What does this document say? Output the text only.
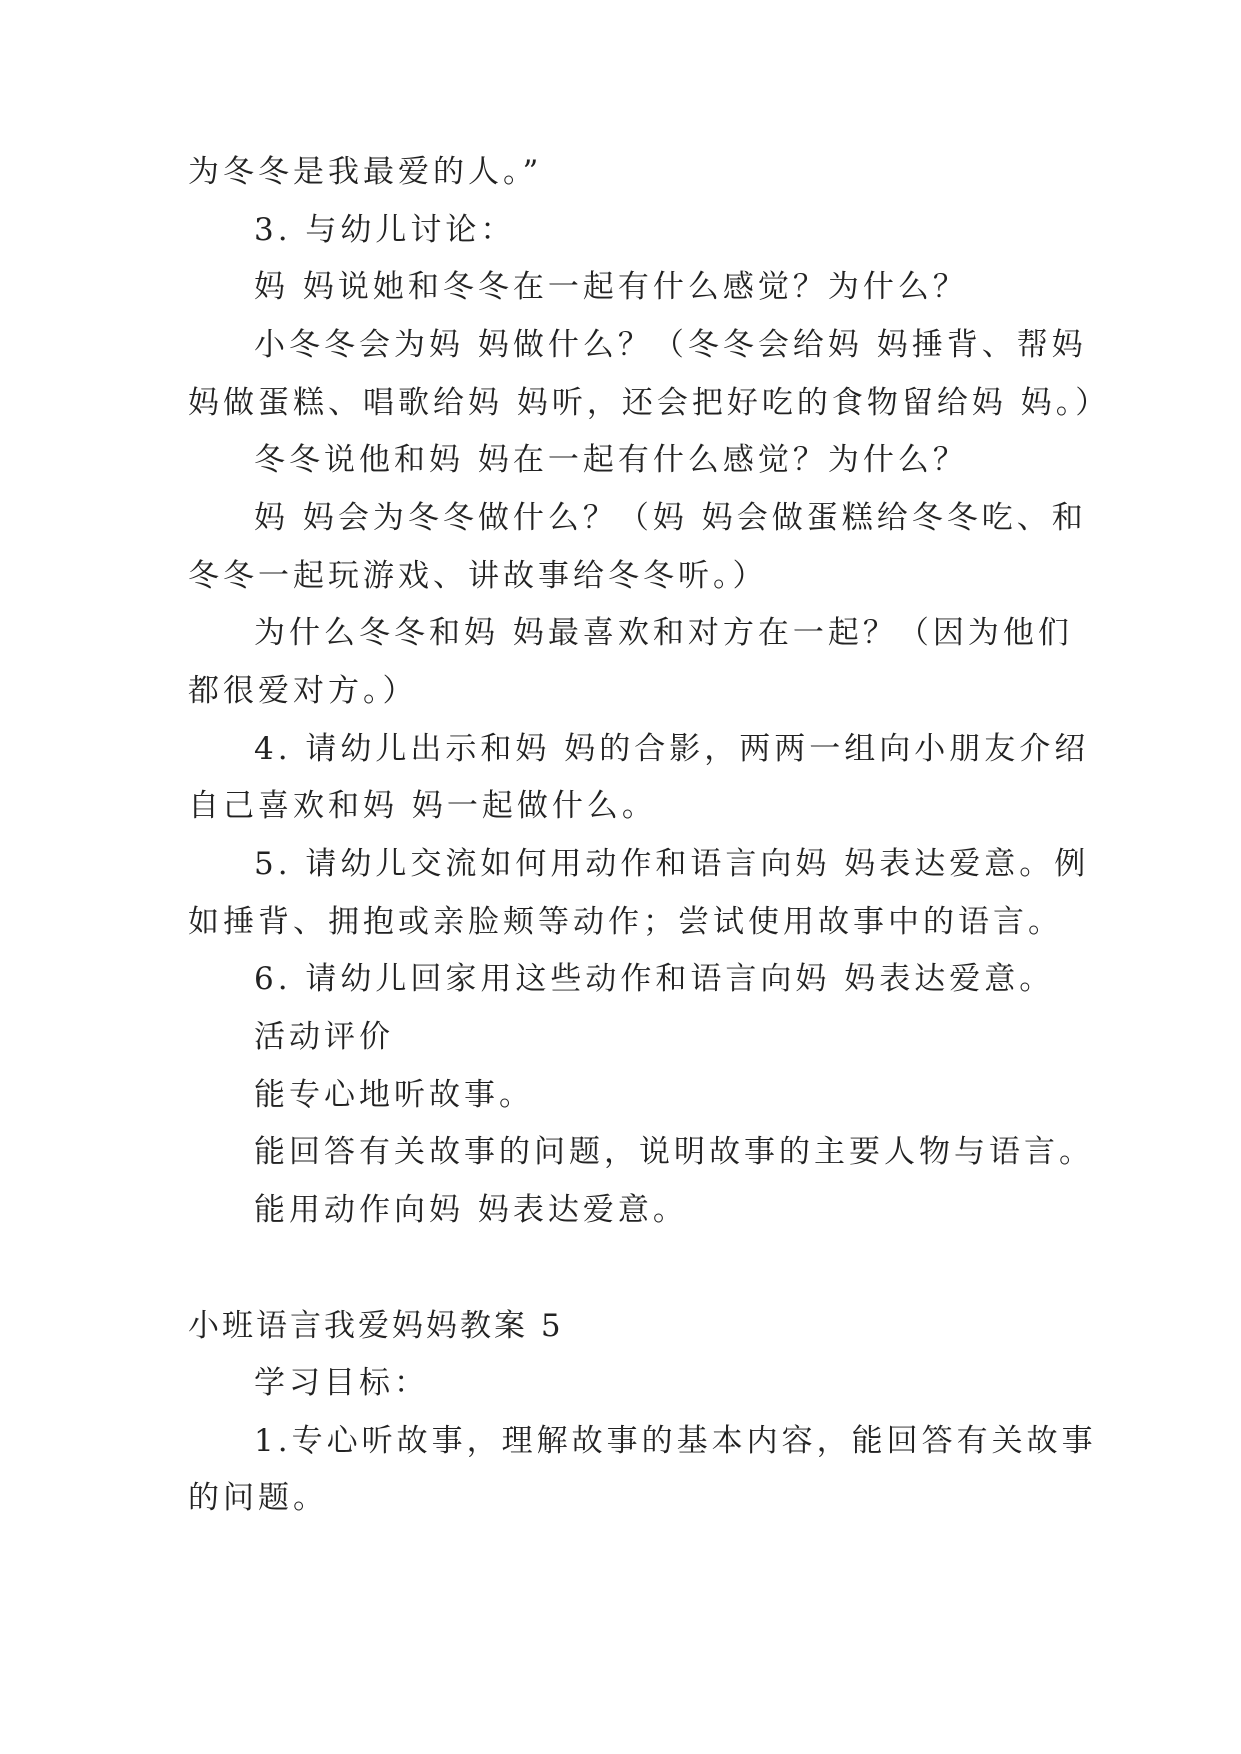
为冬冬是我最爱的人。”
3. 与幼儿讨论：
妈 妈说她和冬冬在一起有什么感觉？为什么？
小冬冬会为妈 妈做什么？（冬冬会给妈 妈捶背、帮妈
妈做蛋糕、唱歌给妈 妈听，还会把好吃的食物留给妈 妈。）
冬冬说他和妈 妈在一起有什么感觉？为什么？
妈 妈会为冬冬做什么？（妈 妈会做蛋糕给冬冬吃、和
冬冬一起玩游戏、讲故事给冬冬听。）
为什么冬冬和妈 妈最喜欢和对方在一起？（因为他们
都很爱对方。）
4. 请幼儿出示和妈 妈的合影，两两一组向小朋友介绍
自己喜欢和妈 妈一起做什么。
5. 请幼儿交流如何用动作和语言向妈 妈表达爱意。例
如捶背、拥抱或亲脸颊等动作；尝试使用故事中的语言。
6. 请幼儿回家用这些动作和语言向妈 妈表达爱意。
活动评价
能专心地听故事。
能回答有关故事的问题，说明故事的主要人物与语言。
能用动作向妈 妈表达爱意。
小班语言我爱妈妈教案 5
学习目标：
1.专心听故事，理解故事的基本内容，能回答有关故事
的问题。
